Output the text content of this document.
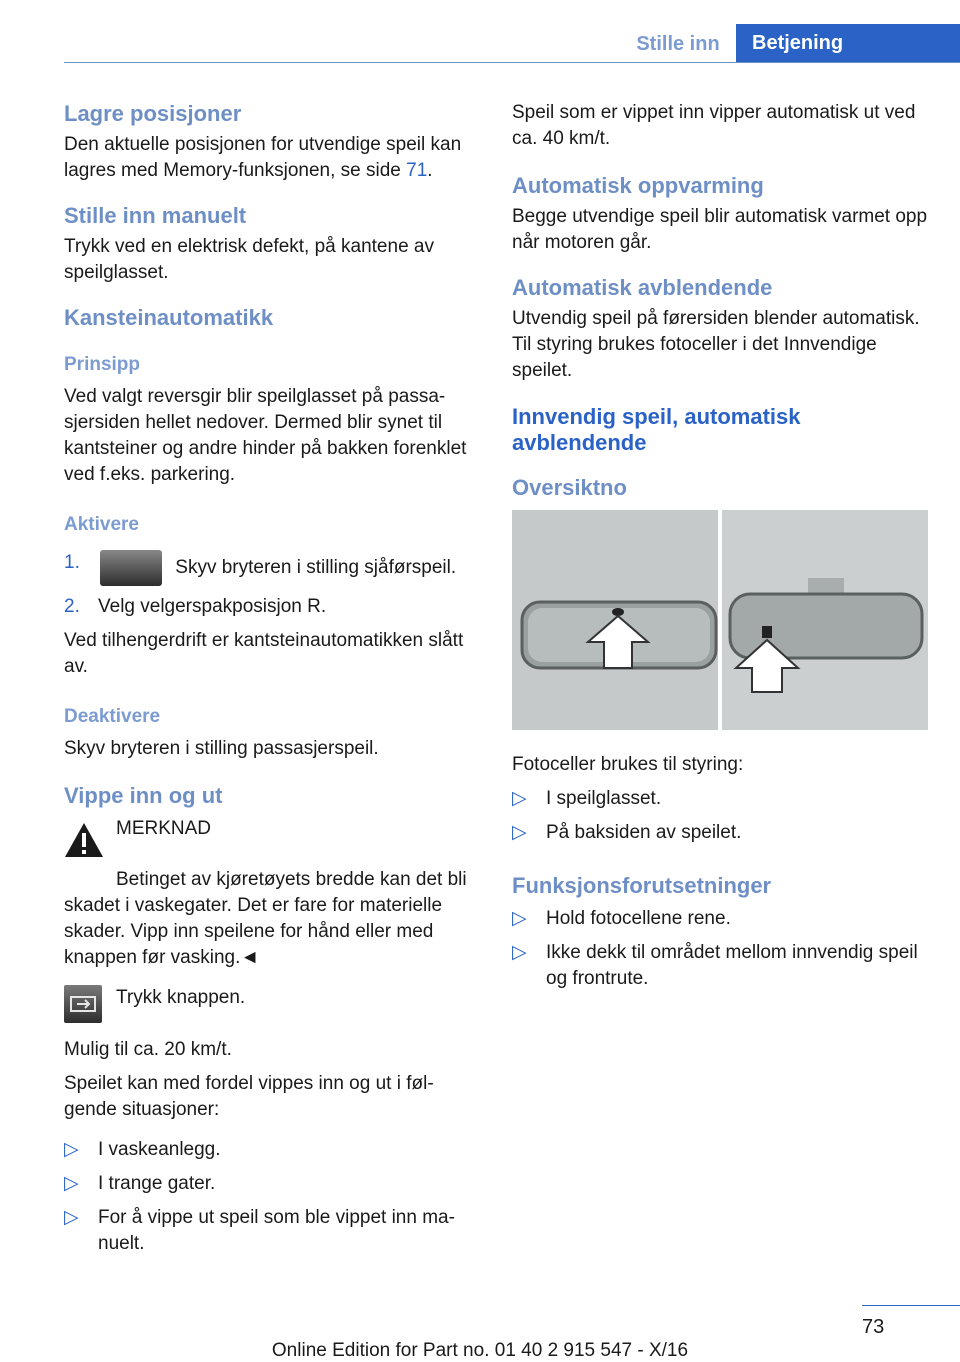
Stille inn	Betjening
Lagre posisjoner

Den aktuelle posisjonen for utvendige speil kan lagres med Memory-funksjonen, se side 71.

Stille inn manuelt

Trykk ved en elektrisk defekt, på kantene av speilglasset.

Kansteinautomatikk
Prinsipp

Ved valgt reversgir blir speilglasset på passasjersiden hellet nedover. Dermed blir synet til kantsteiner og andre hinder på bakken forenklet ved f.eks. parkering.

Aktivere
1.	Skyv bryteren i stilling sjåførspeil.
2. Velg velgerspakposisjon R.

Ved tilhengerdrift er kantsteinautomatikken slått av.

Deaktivere

Skyv bryteren i stilling passasjerspeil.

Vippe inn og ut
MERKNAD

Betinget av kjøretøyets bredde kan det bli skadet i vaskegater. Det er fare for materielle skader. Vipp inn speilene for hånd eller med knappen før vasking.◄

Trykk knappen.

Mulig til ca. 20 km/t.

Speilet kan med fordel vippes inn og ut i følgende situasjoner:

▷	I vaskeanlegg.
▷	I trange gater.
▷	For å vippe ut speil som ble vippet inn manuelt.

Speil som er vippet inn vipper automatisk ut ved ca. 40 km/t.

Automatisk oppvarming

Begge utvendige speil blir automatisk varmet opp når motoren går.

Automatisk avblendende

Utvendig speil på førersiden blender automatisk. Til styring brukes fotoceller i det Innvendige speilet.

Innvendig speil, automatisk avblendende
Oversiktno

Fotoceller brukes til styring:

▷	I speilglasset.
▷	På baksiden av speilet.
Funksjonsforutsetninger
▷	Hold fotocellene rene.
▷	Ikke dekk til området mellom innvendig speil og frontrute.
73
Online Edition for Part no. 01 40 2 915 547 - X/16
